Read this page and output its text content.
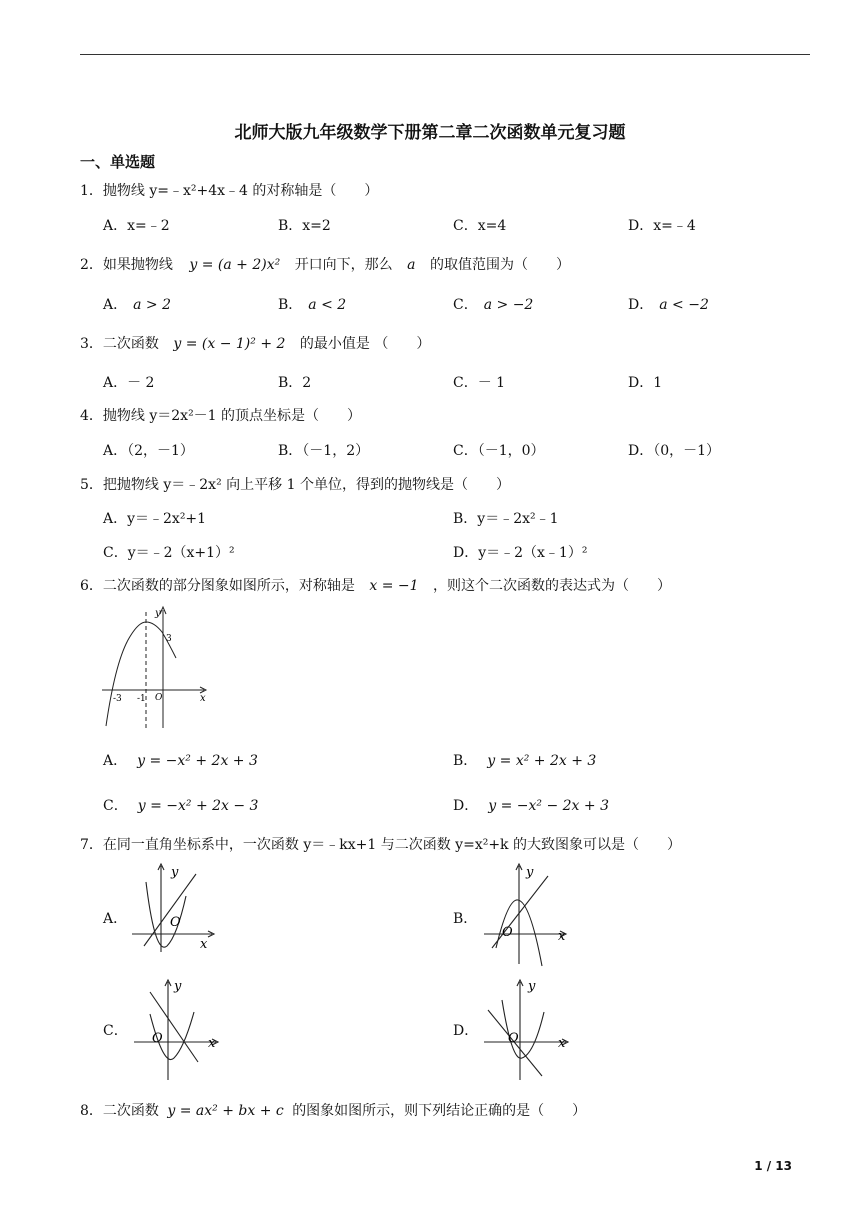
北师大版九年级数学下册第二章二次函数单元复习题
一、单选题
1．抛物线 y=﹣x²+4x﹣4 的对称轴是（　　）
A．x=﹣2	B．x=2	C．x=4	D．x=﹣4
2．如果抛物线 y = (a + 2)x² 开口向下，那么 a 的取值范围为（　　）
A． a > 2	B． a < 2	C． a > −2	D． a < −2
3．二次函数 y = (x − 1)² + 2 的最小值是 （　　）
A．－ 2	B．2	C．－ 1	D．1
4．抛物线 y＝2x²－1 的顶点坐标是（　　）
A．（2，－1）	B．（－1，2）	C．（－1，0）	D．（0，－1）
5．把抛物线 y＝﹣2x² 向上平移 1 个单位，得到的抛物线是（　　）
A．y＝﹣2x²+1	B．y＝﹣2x²﹣1
C．y＝﹣2（x+1）²	D．y＝﹣2（x﹣1）²
6．二次函数的部分图象如图所示，对称轴是 x = −1 ，则这个二次函数的表达式为（　　）
y
x
O
3
-3 -1
A． y = −x² + 2x + 3	B． y = x² + 2x + 3
C． y = −x² + 2x − 3	D． y = −x² − 2x + 3
7．在同一直角坐标系中，一次函数 y＝﹣kx+1 与二次函数 y=x²+k 的大致图象可以是（　　）
A．
y
x
O	B．
y
x
O
C．
y
x
O	D．
y
x
O
8．二次函数 y = ax² + bx + c 的图象如图所示，则下列结论正确的是（　　）
1 / 13
